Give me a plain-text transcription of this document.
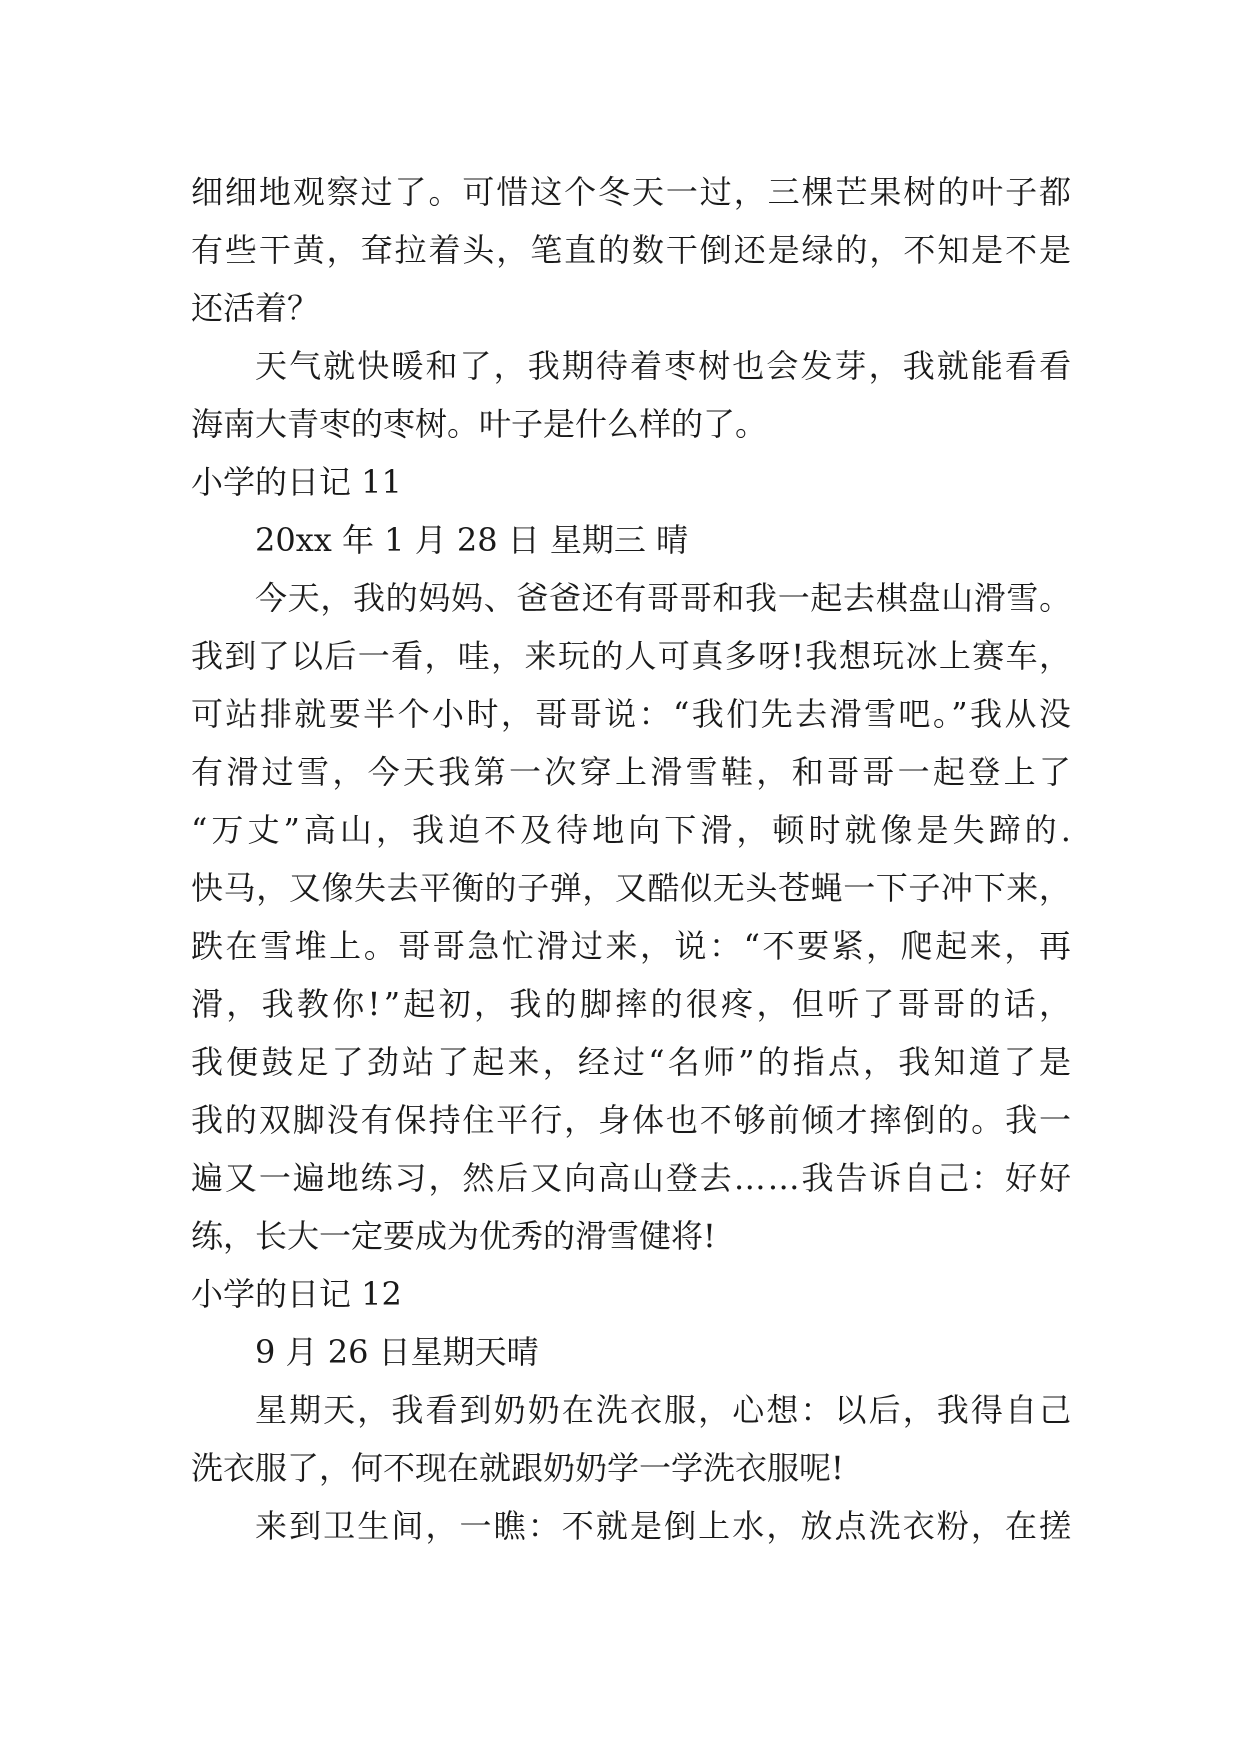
细细地观察过了。可惜这个冬天一过，三棵芒果树的叶子都
有些干黄，耷拉着头，笔直的数干倒还是绿的，不知是不是
还活着？
天气就快暖和了，我期待着枣树也会发芽，我就能看看
海南大青枣的枣树。叶子是什么样的了。
小学的日记 11
20xx 年 1 月 28 日 星期三 晴
今天，我的妈妈、爸爸还有哥哥和我一起去棋盘山滑雪。
我到了以后一看，哇，来玩的人可真多呀!我想玩冰上赛车，
可站排就要半个小时，哥哥说：“我们先去滑雪吧。”我从没
有滑过雪，今天我第一次穿上滑雪鞋，和哥哥一起登上了
“万丈”高山，我迫不及待地向下滑，顿时就像是失蹄的.
快马，又像失去平衡的子弹，又酷似无头苍蝇一下子冲下来，
跌在雪堆上。哥哥急忙滑过来，说：“不要紧，爬起来，再
滑，我教你!”起初，我的脚摔的很疼，但听了哥哥的话，
我便鼓足了劲站了起来，经过“名师”的指点，我知道了是
我的双脚没有保持住平行，身体也不够前倾才摔倒的。我一
遍又一遍地练习，然后又向高山登去……我告诉自己：好好
练，长大一定要成为优秀的滑雪健将!
小学的日记 12
9 月 26 日星期天晴
星期天，我看到奶奶在洗衣服，心想：以后，我得自己
洗衣服了，何不现在就跟奶奶学一学洗衣服呢!
来到卫生间，一瞧：不就是倒上水，放点洗衣粉，在搓
